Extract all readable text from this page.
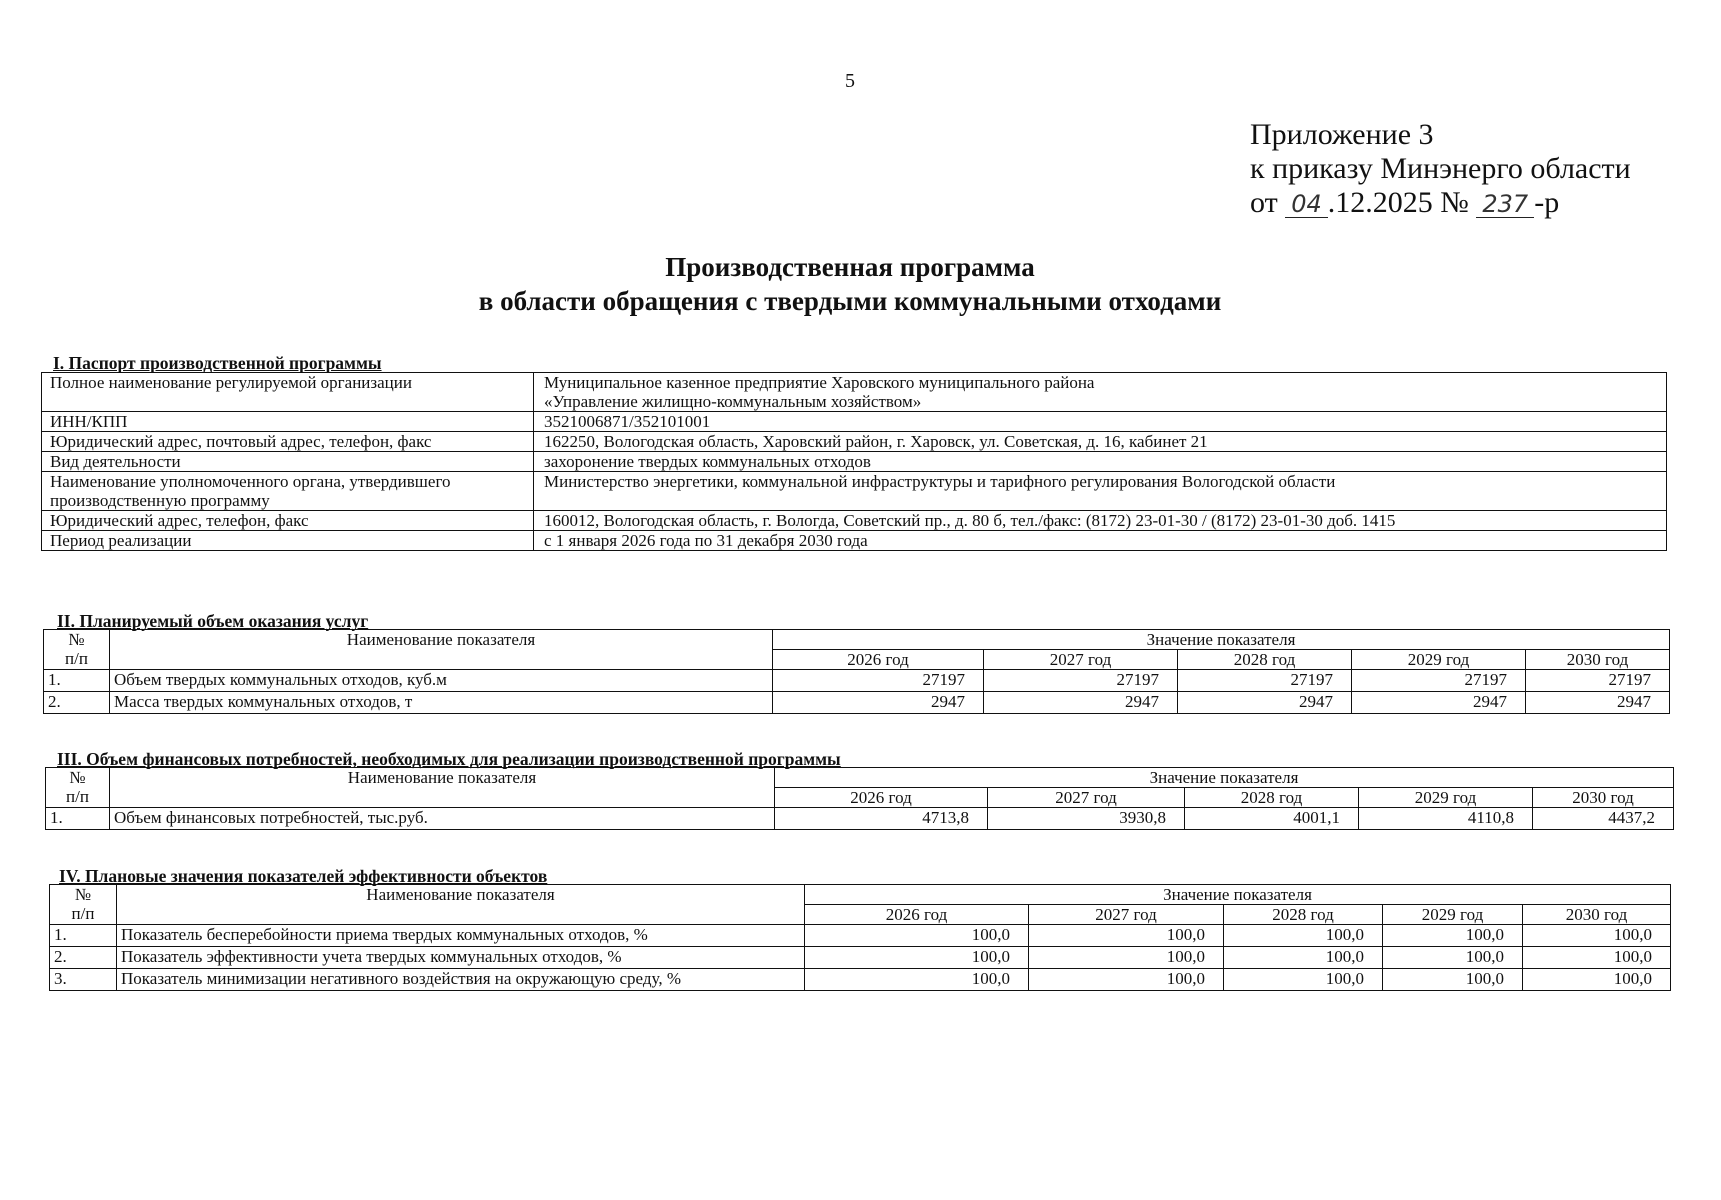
5
Приложение 3
к приказу Минэнерго области
от 04 .12.2025 № 237 -р
Производственная программа
в области обращения с твердыми коммунальными отходами
I. Паспорт производственной программы
Полное наименование регулируемой организации	Муниципальное казенное предприятие Харовского муниципального района
«Управление жилищно-коммунальным хозяйством»

ИНН/КПП	3521006871/352101001

Юридический адрес, почтовый адрес, телефон, факс	162250, Вологодская область, Харовский район, г. Харовск, ул. Советская, д. 16, кабинет 21

Вид деятельности	захоронение твердых коммунальных отходов

Наименование уполномоченного органа, утвердившего
производственную программу	Министерство энергетики, коммунальной инфраструктуры и тарифного регулирования Вологодской области

Юридический адрес, телефон, факс	160012, Вологодская область, г. Вологда, Советский пр., д. 80 б, тел./факс: (8172) 23-01-30 / (8172) 23-01-30 доб. 1415

Период реализации	с 1 января 2026 года по 31 декабря 2030 года
II. Планируемый объем оказания услуг
№
п/п	Наименование показателя	Значение показателя				
		2026 год	2027 год	2028 год	2029 год	2030 год
1.	Объем твердых коммунальных отходов, куб.м	27197	27197	27197	27197	27197
2.	Масса твердых коммунальных отходов, т	2947	2947	2947	2947	2947
III. Объем финансовых потребностей, необходимых для реализации производственной программы
№
п/п	Наименование показателя	Значение показателя				
		2026 год	2027 год	2028 год	2029 год	2030 год
1.	Объем финансовых потребностей, тыс.руб.	4713,8	3930,8	4001,1	4110,8	4437,2
IV. Плановые значения показателей эффективности объектов
№
п/п	Наименование показателя	Значение показателя				
		2026 год	2027 год	2028 год	2029 год	2030 год
1.	Показатель бесперебойности приема твердых коммунальных отходов, %	100,0	100,0	100,0	100,0	100,0
2.	Показатель эффективности учета твердых коммунальных отходов, %	100,0	100,0	100,0	100,0	100,0
3.	Показатель минимизации негативного воздействия на окружающую среду, %	100,0	100,0	100,0	100,0	100,0
